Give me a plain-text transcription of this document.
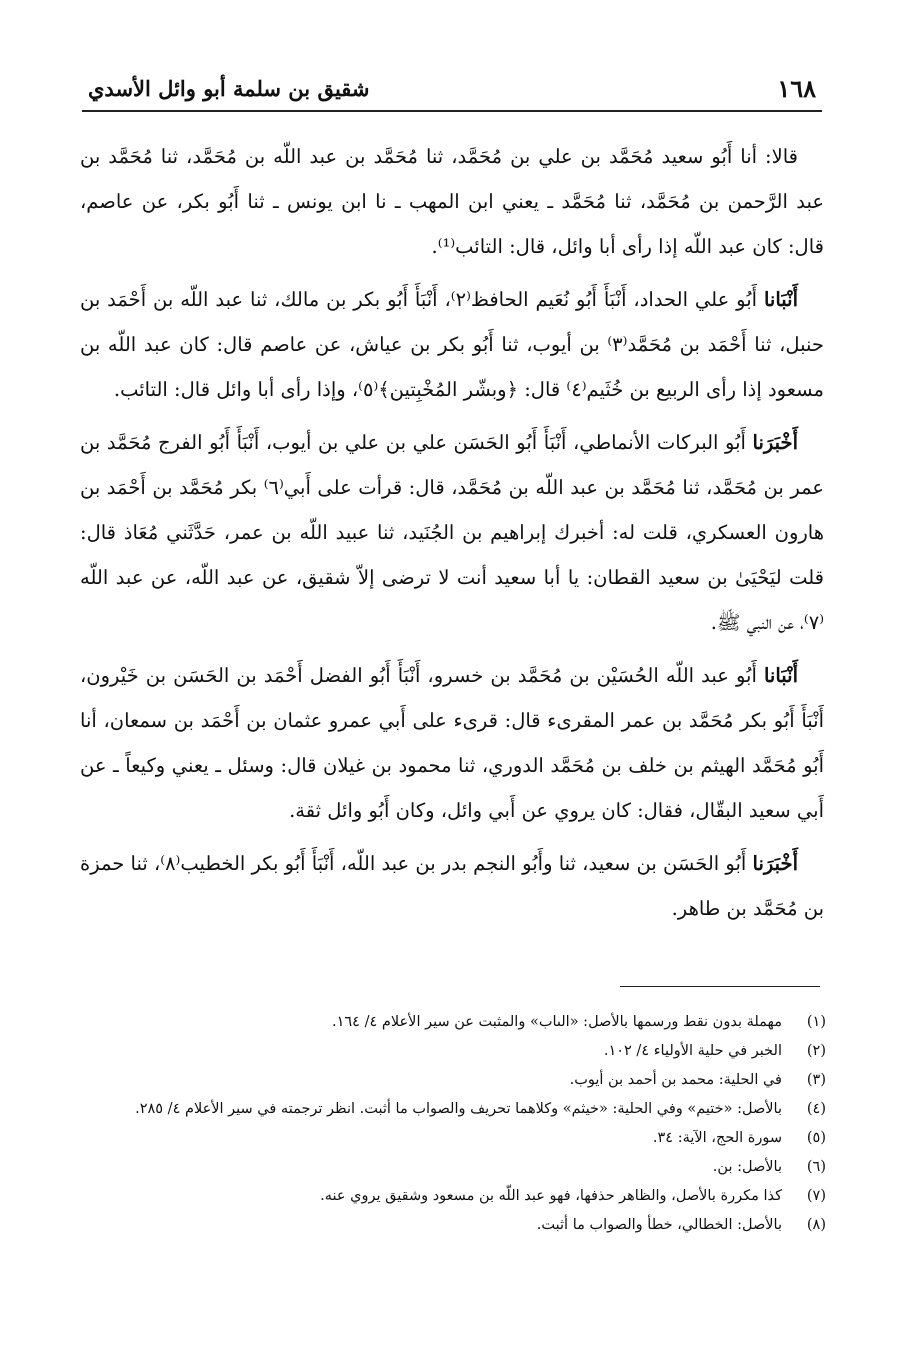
١٦٨
شقيق بن سلمة أبو وائل الأسدي

قالا: أنا أَبُو سعيد مُحَمَّد بن علي بن مُحَمَّد، ثنا مُحَمَّد بن عبد اللّه بن مُحَمَّد، ثنا مُحَمَّد بن عبد الرَّحمن بن مُحَمَّد، ثنا مُحَمَّد ـ يعني ابن المهب ـ نا ابن يونس ـ ثنا أَبُو بكر، عن عاصم، قال: كان عبد اللّه إذا رأى أبا وائل، قال: التائب⁽¹⁾.

أَنْبَانا أَبُو علي الحداد، أَنْبَأَ أَبُو نُعَيم الحافظ⁽٢⁾، أَنْبَأَ أَبُو بكر بن مالك، ثنا عبد اللّه بن أَحْمَد بن حنبل، ثنا أَحْمَد بن مُحَمَّد⁽٣⁾ بن أيوب، ثنا أَبُو بكر بن عياش، عن عاصم قال: كان عبد اللّه بن مسعود إذا رأى الربيع بن خُثَيم⁽٤⁾ قال: ﴿وبشّر المُخْبِتين﴾⁽٥⁾، وإذا رأى أبا وائل قال: التائب.

أَخْبَرَنا أَبُو البركات الأنماطي، أَنْبَأَ أَبُو الحَسَن علي بن علي بن أيوب، أَنْبَأَ أَبُو الفرج مُحَمَّد بن عمر بن مُحَمَّد، ثنا مُحَمَّد بن عبد اللّه بن مُحَمَّد، قال: قرأت على أَبي⁽٦⁾ بكر مُحَمَّد بن أَحْمَد بن هارون العسكري، قلت له: أخبرك إبراهيم بن الجُنَيد، ثنا عبيد اللّه بن عمر، حَدَّثَني مُعَاذ قال: قلت ليَحْيَىٰ بن سعيد القطان: يا أبا سعيد أنت لا ترضى إلاّ شقيق، عن عبد اللّه، عن عبد اللّه ⁽٧⁾، عن النبي ﷺ.

أَنْبَانا أَبُو عبد اللّه الحُسَيْن بن مُحَمَّد بن خسرو، أَنْبَأَ أَبُو الفضل أَحْمَد بن الحَسَن بن خَيْرون، أَنْبَأَ أَبُو بكر مُحَمَّد بن عمر المقرىء قال: قرىء على أَبي عمرو عثمان بن أَحْمَد بن سمعان، أنا أَبُو مُحَمَّد الهيثم بن خلف بن مُحَمَّد الدوري، ثنا محمود بن غيلان قال: وسئل ـ يعني وكيعاً ـ عن أَبي سعيد البقّال، فقال: كان يروي عن أَبي وائل، وكان أَبُو وائل ثقة.

أَخْبَرَنا أَبُو الحَسَن بن سعيد، ثنا وأَبُو النجم بدر بن عبد اللّه، أَنْبَأَ أَبُو بكر الخطيب⁽٨⁾، ثنا حمزة بن مُحَمَّد بن طاهر.

(١)
مهملة بدون نقط ورسمها بالأصل: «الىاب» والمثبت عن سير الأعلام ٤/ ١٦٤.
(٢)
الخبر في حلية الأولياء ٤/ ١٠٢.
(٣)
في الحلية: محمد بن أحمد بن أيوب.
(٤)
بالأصل: «ختيم» وفي الحلية: «خيثم» وكلاهما تحريف والصواب ما أثبت. انظر ترجمته في سير الأعلام ٤/ ٢٨٥.
(٥)
سورة الحج، الآية: ٣٤.
(٦)
بالأصل: بن.
(٧)
كذا مكررة بالأصل، والظاهر حذفها، فهو عبد اللّه بن مسعود وشقيق يروي عنه.
(٨)
بالأصل: الخطالي، خطأ والصواب ما أثبت.
